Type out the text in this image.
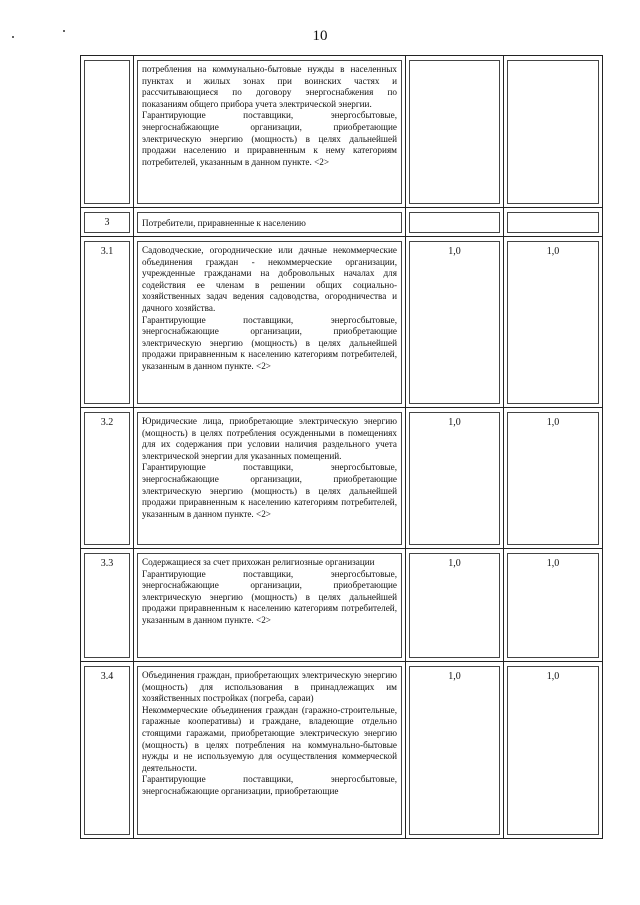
10

	потребления на коммунально-бытовые нужды в населенных пунктах и жилых зонах при воинских частях и рассчитывающиеся по договору энергоснабжения по показаниям общего прибора учета электрической энергии.

Гарантирующие поставщики, энергосбытовые, энергоснабжающие организации, приобретающие электрическую энергию (мощность) в целях дальнейшей продажи населению и приравненным к нему категориям потребителей, указанным в данном пункте. <2>		

3	Потребители, приравненные к населению		

3.1	Садоводческие, огороднические или дачные некоммерческие объединения граждан - некоммерческие организации, учрежденные гражданами на добровольных началах для содействия ее членам в решении общих социально-хозяйственных задач ведения садоводства, огородничества и дачного хозяйства.

Гарантирующие поставщики, энергосбытовые, энергоснабжающие организации, приобретающие электрическую энергию (мощность) в целях дальнейшей продажи приравненным к населению категориям потребителей, указанным в данном пункте. <2>	1,0	1,0

3.2	Юридические лица, приобретающие электрическую энергию (мощность) в целях потребления осужденными в помещениях для их содержания при условии наличия раздельного учета электрической энергии для указанных помещений.

Гарантирующие поставщики, энергосбытовые, энергоснабжающие организации, приобретающие электрическую энергию (мощность) в целях дальнейшей продажи приравненным к населению категориям потребителей, указанным в данном пункте. <2>	1,0	1,0

3.3	Содержащиеся за счет прихожан религиозные организации

Гарантирующие поставщики, энергосбытовые, энергоснабжающие организации, приобретающие электрическую энергию (мощность) в целях дальнейшей продажи приравненным к населению категориям потребителей, указанным в данном пункте. <2>	1,0	1,0

3.4	Объединения граждан, приобретающих электрическую энергию (мощность) для использования в принадлежащих им хозяйственных постройках (погреба, сараи)

Некоммерческие объединения граждан (гаражно-строительные, гаражные кооперативы) и граждане, владеющие отдельно стоящими гаражами, приобретающие электрическую энергию (мощность) в целях потребления на коммунально-бытовые нужды и не используемую для осуществления коммерческой деятельности.

Гарантирующие поставщики, энергосбытовые, энергоснабжающие организации, приобретающие	1,0	1,0
